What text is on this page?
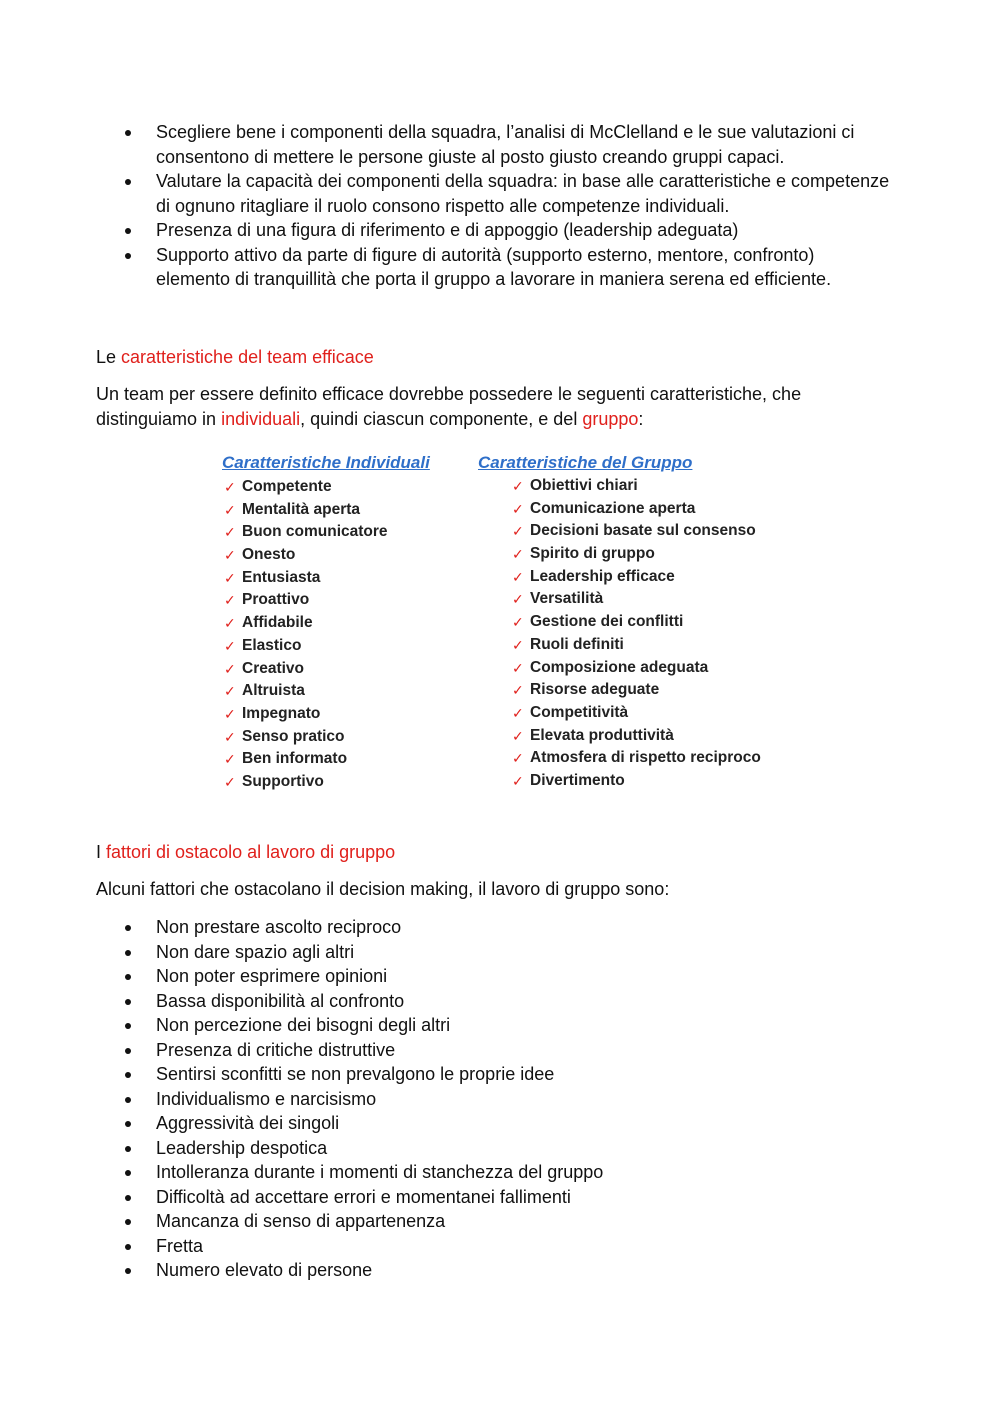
Scegliere bene i componenti della squadra, l’analisi di McClelland e le sue valutazioni ci consentono di mettere le persone giuste al posto giusto creando gruppi capaci.
Valutare la capacità dei componenti della squadra: in base alle caratteristiche e competenze di ognuno ritagliare il ruolo consono rispetto alle competenze individuali.
Presenza di una figura di riferimento e di appoggio (leadership adeguata)
Supporto attivo da parte di figure di autorità (supporto esterno, mentore, confronto) elemento di tranquillità che porta il gruppo a lavorare in maniera serena ed efficiente.
Le caratteristiche del team efficace
Un team per essere definito efficace dovrebbe possedere le seguenti caratteristiche, che distinguiamo in individuali, quindi ciascun componente, e del gruppo:
Caratteristiche Individuali
✓ Competente
✓ Mentalità aperta
✓ Buon comunicatore
✓ Onesto
✓ Entusiasta
✓ Proattivo
✓ Affidabile
✓ Elastico
✓ Creativo
✓ Altruista
✓ Impegnato
✓ Senso pratico
✓ Ben informato
✓ Supportivo
Caratteristiche del Gruppo
✓ Obiettivi chiari
✓ Comunicazione aperta
✓ Decisioni basate sul consenso
✓ Spirito di gruppo
✓ Leadership efficace
✓ Versatilità
✓ Gestione dei conflitti
✓ Ruoli definiti
✓ Composizione adeguata
✓ Risorse adeguate
✓ Competitività
✓ Elevata produttività
✓ Atmosfera di rispetto reciproco
✓ Divertimento
I fattori di ostacolo al lavoro di gruppo
Alcuni fattori che ostacolano il decision making, il lavoro di gruppo sono:
Non prestare ascolto reciproco
Non dare spazio agli altri
Non poter esprimere opinioni
Bassa disponibilità al confronto
Non percezione dei bisogni degli altri
Presenza di critiche distruttive
Sentirsi sconfitti se non prevalgono le proprie idee
Individualismo e narcisismo
Aggressività dei singoli
Leadership despotica
Intolleranza durante i momenti di stanchezza del gruppo
Difficoltà ad accettare errori e momentanei fallimenti
Mancanza di senso di appartenenza
Fretta
Numero elevato di persone
